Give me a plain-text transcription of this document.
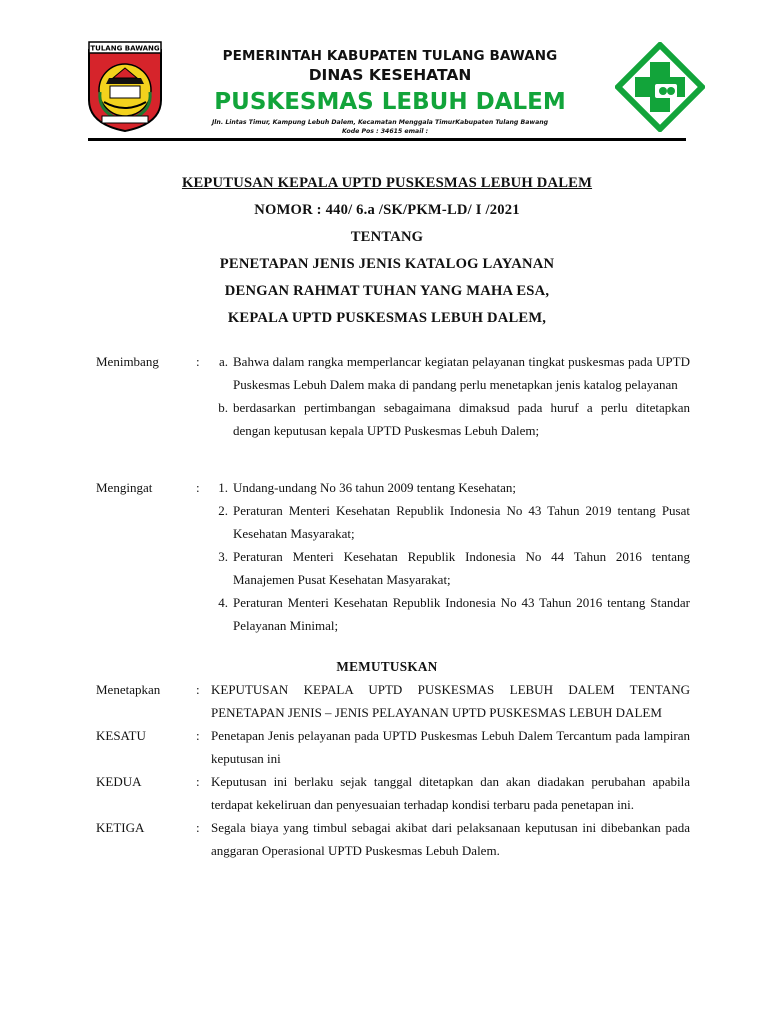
TULANG BAWANG	PEMERINTAH KABUPATEN TULANG BAWANG
DINAS KESEHATAN
PUSKESMAS LEBUH DALEM
Jln. Lintas Timur, Kampung Lebuh Dalem, Kecamatan Menggala TimurKabupaten Tulang Bawang
Kode Pos : 34615 email :
KEPUTUSAN KEPALA UPTD PUSKESMAS LEBUH DALEM
NOMOR : 440/ 6.a /SK/PKM-LD/ I /2021
TENTANG
PENETAPAN JENIS JENIS KATALOG LAYANAN
DENGAN RAHMAT TUHAN YANG MAHA ESA,
KEPALA UPTD PUSKESMAS LEBUH DALEM,
Menimbang	:	a. Bahwa dalam rangka memperlancar kegiatan pelayanan tingkat puskesmas pada UPTD Puskesmas Lebuh Dalem maka di pandang perlu menetapkan jenis katalog pelayanan
b. berdasarkan pertimbangan sebagaimana dimaksud pada huruf a perlu ditetapkan dengan keputusan kepala UPTD Puskesmas Lebuh Dalem;
Mengingat	:	1. Undang-undang No 36 tahun 2009 tentang Kesehatan;
2. Peraturan Menteri Kesehatan Republik Indonesia No 43 Tahun 2019 tentang Pusat Kesehatan Masyarakat;
3. Peraturan Menteri Kesehatan Republik Indonesia No 44 Tahun 2016 tentang Manajemen Pusat Kesehatan Masyarakat;
4. Peraturan Menteri Kesehatan Republik Indonesia No 43 Tahun 2016 tentang Standar Pelayanan Minimal;
MEMUTUSKAN
Menetapkan	: KEPUTUSAN KEPALA UPTD PUSKESMAS LEBUH DALEM TENTANG PENETAPAN JENIS – JENIS PELAYANAN UPTD PUSKESMAS LEBUH DALEM
KESATU	: Penetapan Jenis pelayanan pada UPTD Puskesmas Lebuh Dalem Tercantum pada lampiran keputusan ini
KEDUA	: Keputusan ini berlaku sejak tanggal ditetapkan dan akan diadakan perubahan apabila terdapat kekeliruan dan penyesuaian terhadap kondisi terbaru pada penetapan ini.
KETIGA	: Segala biaya yang timbul sebagai akibat dari pelaksanaan keputusan ini dibebankan pada anggaran Operasional UPTD Puskesmas Lebuh Dalem.
